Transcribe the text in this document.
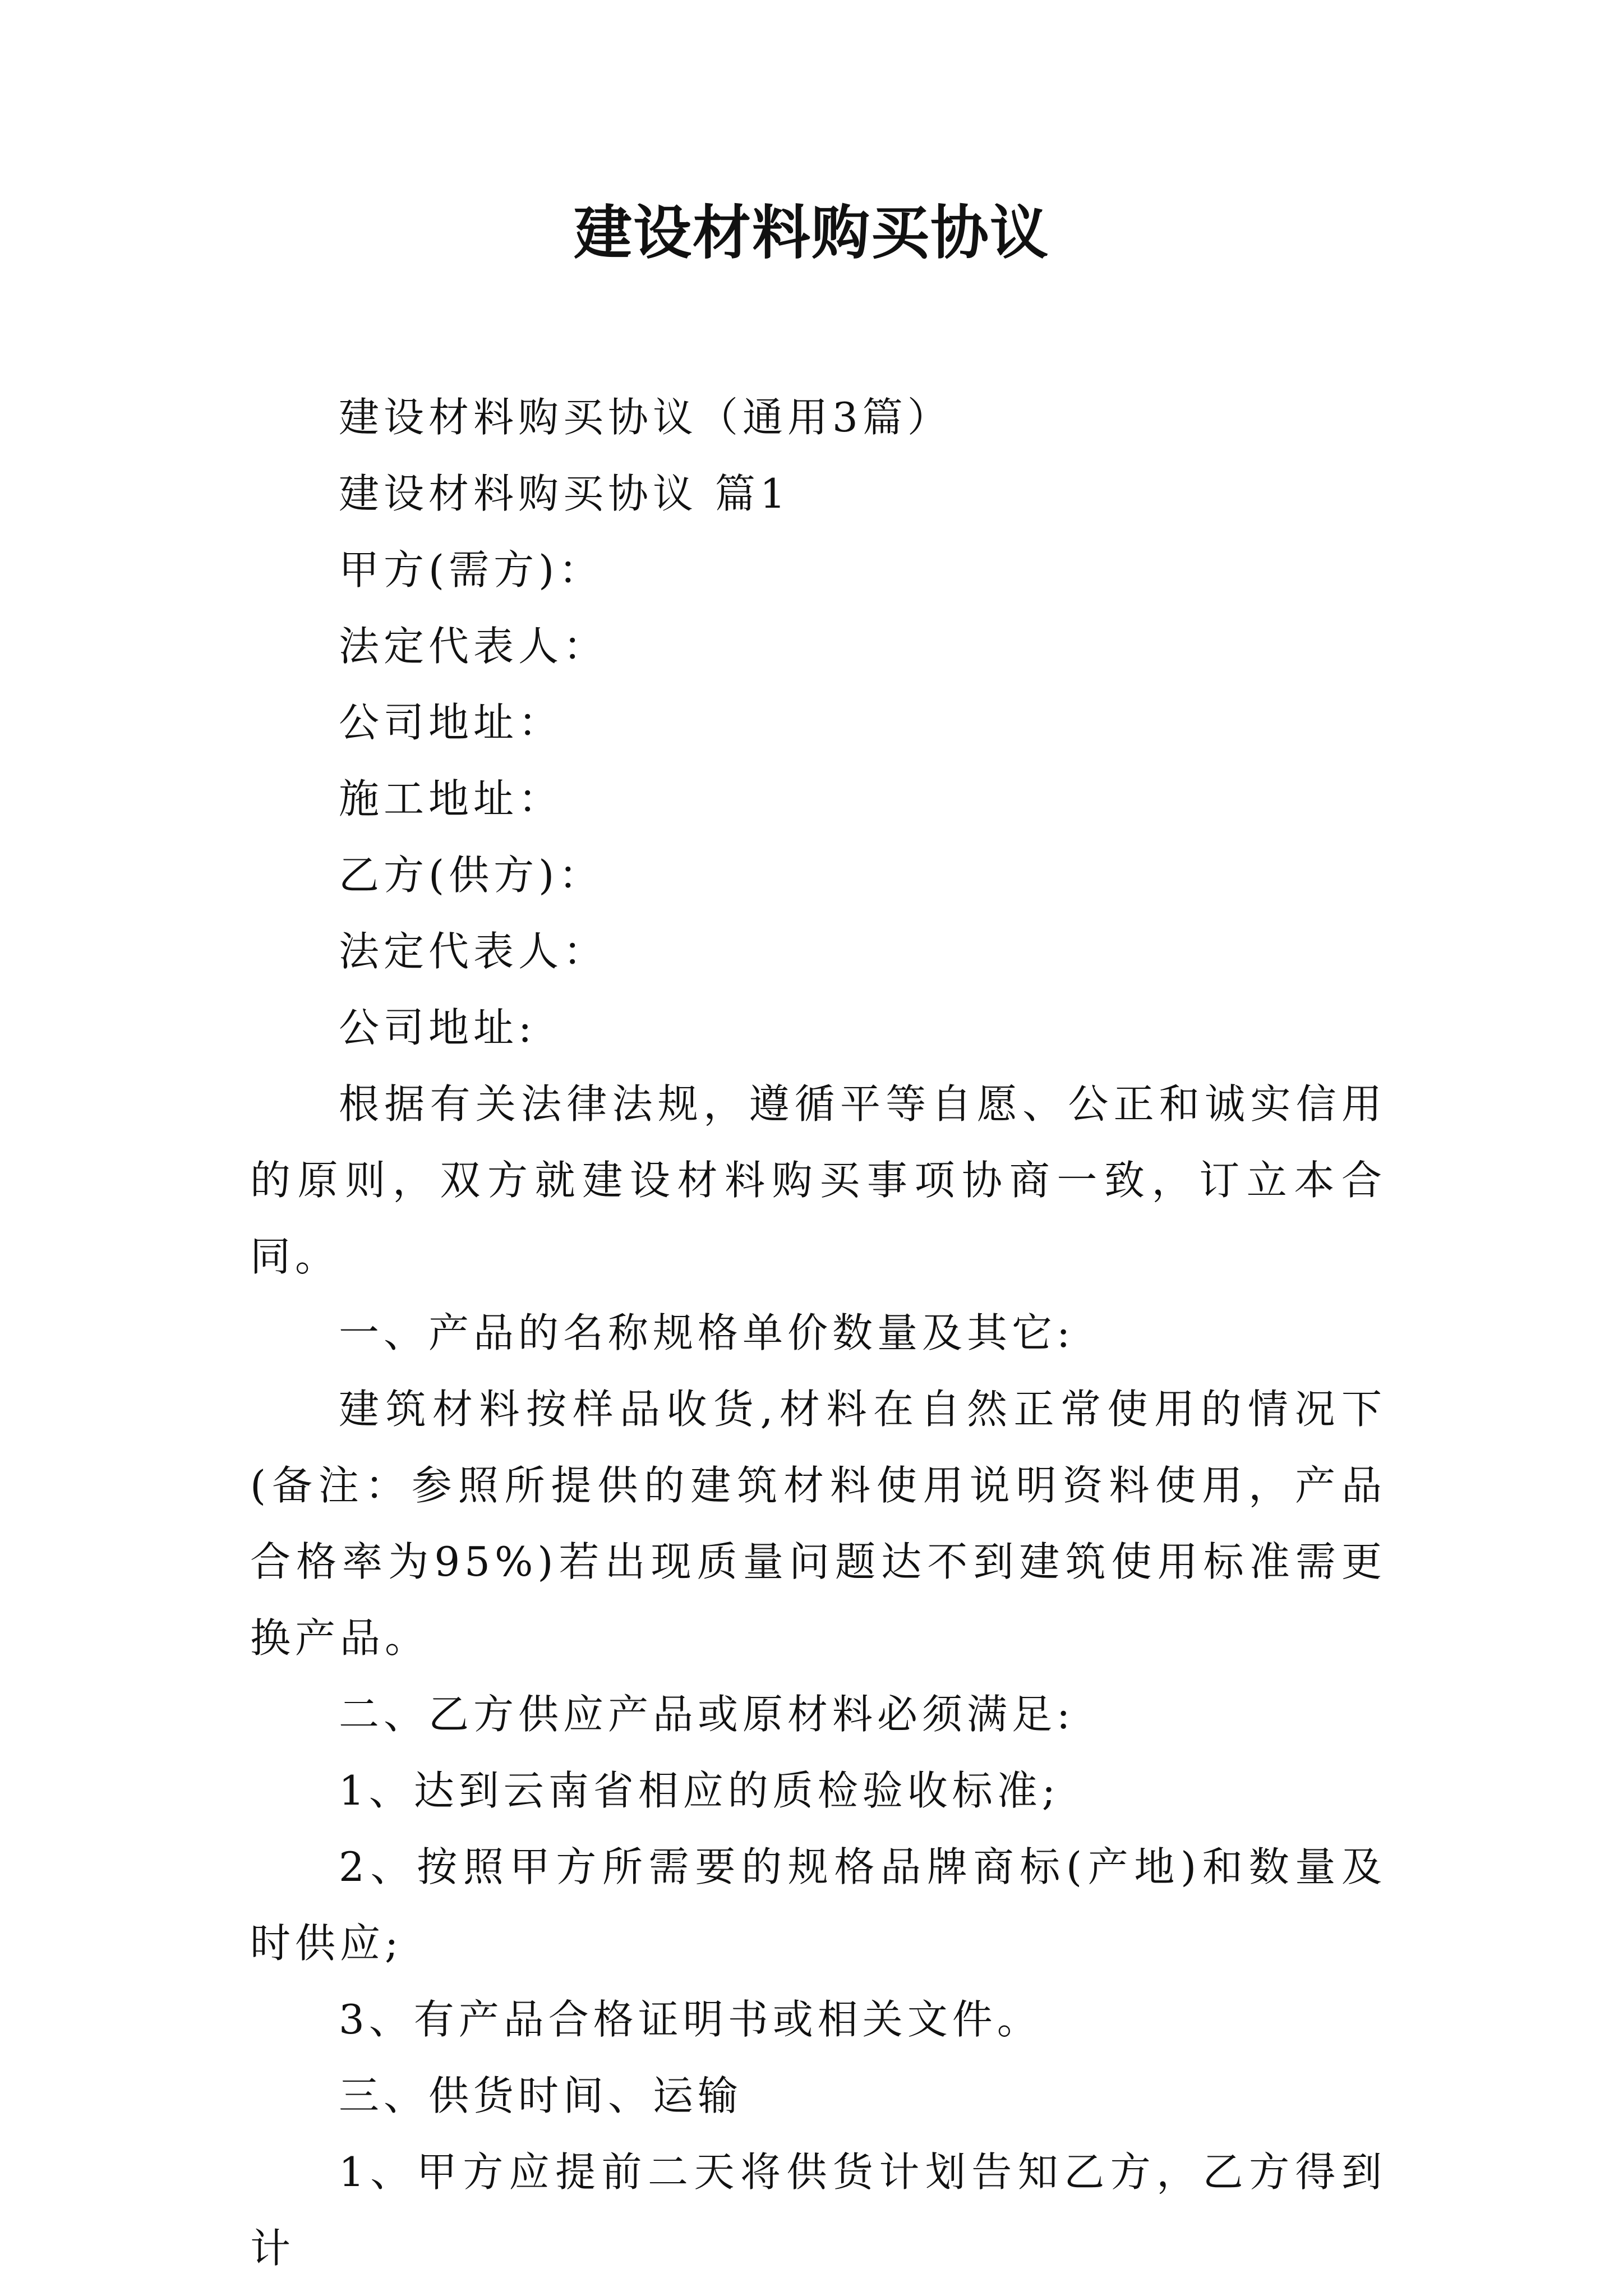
建设材料购买协议

建设材料购买协议（通用3篇）

建设材料购买协议 篇1

甲方(需方)：

法定代表人：

公司地址：

施工地址：

乙方(供方)：

法定代表人：

公司地址:

根据有关法律法规，遵循平等自愿、公正和诚实信用的原则，双方就建设材料购买事项协商一致，订立本合同。

一、产品的名称规格单价数量及其它:

建筑材料按样品收货,材料在自然正常使用的情况下(备注：参照所提供的建筑材料使用说明资料使用，产品合格率为95%)若出现质量问题达不到建筑使用标准需更换产品。

二、乙方供应产品或原材料必须满足:

1、达到云南省相应的质检验收标准;

2、按照甲方所需要的规格品牌商标(产地)和数量及时供应;

3、有产品合格证明书或相关文件。

三、供货时间、运输

1、甲方应提前二天将供货计划告知乙方，乙方得到计
